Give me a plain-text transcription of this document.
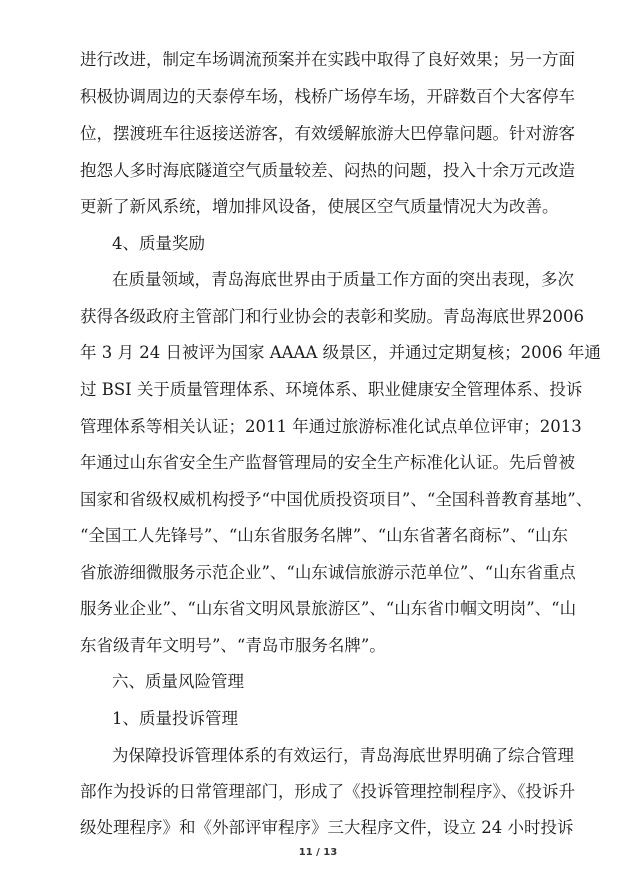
进行改进，制定车场调流预案并在实践中取得了良好效果；另一方面
积极协调周边的天泰停车场，栈桥广场停车场，开辟数百个大客停车
位，摆渡班车往返接送游客，有效缓解旅游大巴停靠问题。针对游客
抱怨人多时海底隧道空气质量较差、闷热的问题，投入十余万元改造
更新了新风系统，增加排风设备，使展区空气质量情况大为改善。
4、质量奖励
在质量领域，青岛海底世界由于质量工作方面的突出表现，多次
获得各级政府主管部门和行业协会的表彰和奖励。青岛海底世界2006
年 3 月 24 日被评为国家 AAAA 级景区，并通过定期复核；2006 年通
过 BSI 关于质量管理体系、环境体系、职业健康安全管理体系、投诉
管理体系等相关认证；2011 年通过旅游标准化试点单位评审；2013
年通过山东省安全生产监督管理局的安全生产标准化认证。先后曾被
国家和省级权威机构授予“中国优质投资项目”、“全国科普教育基地”、
“全国工人先锋号”、“山东省服务名牌”、“山东省著名商标”、“山东
省旅游细微服务示范企业”、“山东诚信旅游示范单位”、“山东省重点
服务业企业”、“山东省文明风景旅游区”、“山东省巾帼文明岗”、“山
东省级青年文明号”、“青岛市服务名牌”。
六、质量风险管理
1、质量投诉管理
为保障投诉管理体系的有效运行，青岛海底世界明确了综合管理
部作为投诉的日常管理部门，形成了《投诉管理控制程序》、《投诉升
级处理程序》和《外部评审程序》三大程序文件，设立 24 小时投诉
11 / 13
